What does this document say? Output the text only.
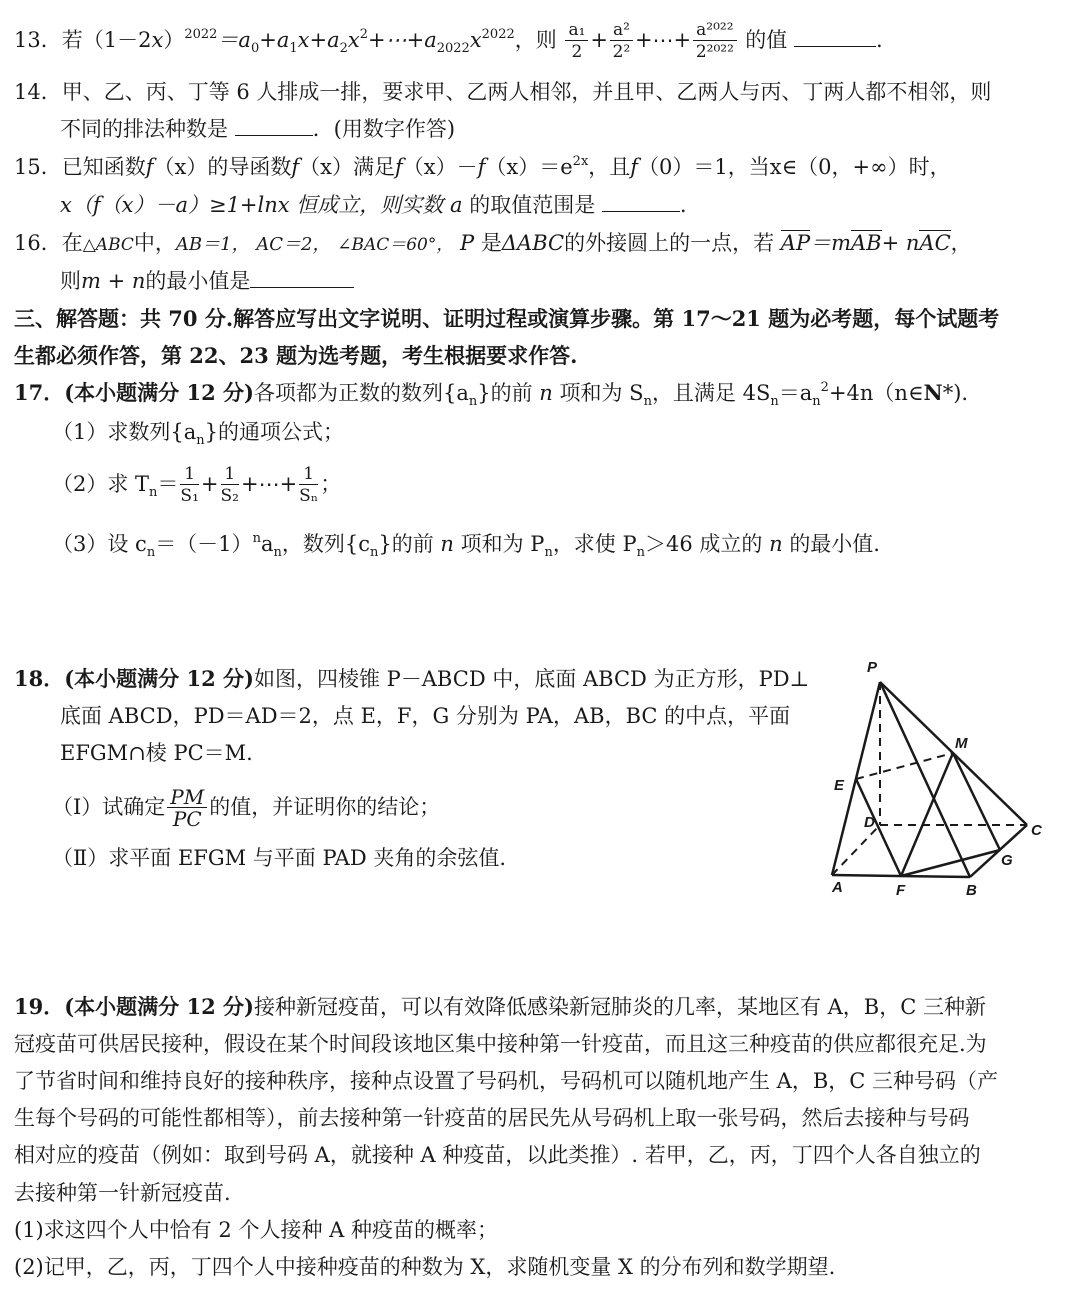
13．若$(1-2x)^{2022}=a_0+a_1x+a_2x^2+\cdots+a_{2022}x^{2022}$，则 $\frac{\text{a₁}}{2} + \frac{\text{a²}}{\text{2²}}$ +⋯+ $\frac{\text{a²⁰²²}}{\text{2²⁰²²}}$ 的值	.
14．甲、乙、丙、丁等 6 人排成一排，要求甲、乙两人相邻，并且甲、乙两人与丙、丁两人都不相邻，则
不同的排法种数是	．(用数字作答)
15．已知函数f（x）的导函数f（x）满足$f(x)-f(x)=e^{2x}$，且f（0）＝1，当x∈（0，+∞）时，
x（f（x）－a）≥1+lnx 恒成立，则实数 a 的取值范围是	.
16．在△ABC中，AB＝1， AC＝2， ∠BAC＝60°， P 是ΔABC的外接圆上的一点，若 AP＝mAB+ nAC，
则m + n的最小值是
三、解答题：共 70 分.解答应写出文字说明、证明过程或演算步骤。第 17～21 题为必考题，每个试题考
生都必须作答，第 22、23 题为选考题，考生根据要求作答.
17．(本小题满分 12 分)各项都为正数的数列$\{a_n\}$的前 n 项和为 $S_n$，且满足 $4S_n=a_n^2+4n(n\in N*)$.
（1）求数列$\{a_n\}$的通项公式；
（2）求 $T_n= \frac{1}{\text{S₁}} + \frac{1}{\text{S₂}}$ +⋯+ $\frac{1}{\text{Sₙ}}$ ；
（3）设 $c_n=(-1)^na_n$，数列$\{c_n\}$的前 n 项和为 $P_n$，求使 $P_n>46$ 成立的 n 的最小值.
18．(本小题满分 12 分)如图，四棱锥 P－ABCD 中，底面 ABCD 为正方形，PD⊥
底面 ABCD，PD＝AD＝2，点 E，F，G 分别为 PA，AB，BC 的中点，平面
EFGM∩棱 PC＝M.
（Ⅰ）试确定 $\frac{PM}{PC}$ 的值，并证明你的结论；
（Ⅱ）求平面 EFGM 与平面 PAD 夹角的余弦值.
P
M
E
D	C
G
A	F	B
19．(本小题满分 12 分)接种新冠疫苗，可以有效降低感染新冠肺炎的几率，某地区有 A，B，C 三种新
冠疫苗可供居民接种，假设在某个时间段该地区集中接种第一针疫苗，而且这三种疫苗的供应都很充足.为
了节省时间和维持良好的接种秩序，接种点设置了号码机，号码机可以随机地产生 A，B，C 三种号码（产
生每个号码的可能性都相等），前去接种第一针疫苗的居民先从号码机上取一张号码，然后去接种与号码
相对应的疫苗（例如：取到号码 A，就接种 A 种疫苗，以此类推）. 若甲，乙，丙，丁四个人各自独立的
去接种第一针新冠疫苗.
(1)求这四个人中恰有 2 个人接种 A 种疫苗的概率；
(2)记甲，乙，丙，丁四个人中接种疫苗的种数为 X，求随机变量 X 的分布列和数学期望.
